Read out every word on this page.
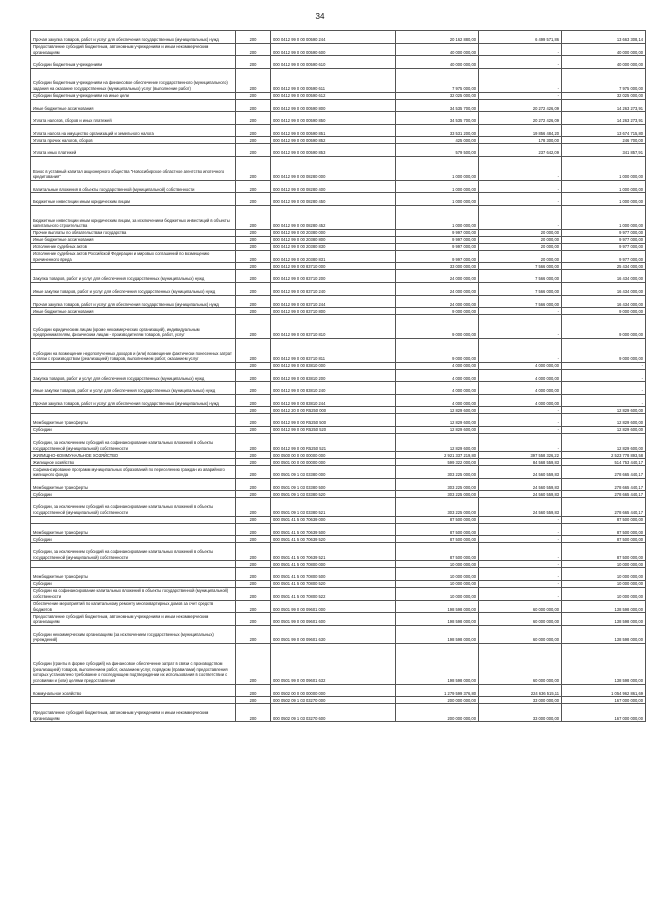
34
Прочая закупка товаров, работ и услуг для обеспечения государственных (муниципальных) нужд	200	000 0412 99 0 00 00590 244	20 162 880,00	6 499 571,86	13 663 308,14
Предоставление субсидий бюджетным, автономным учреждениям и иным некоммерческим организациям	200	000 0412 99 0 00 00590 600	40 000 000,00	-	40 000 000,00
Субсидии бюджетным учреждениям	200	000 0412 99 0 00 00590 610	40 000 000,00	-	40 000 000,00
Субсидии бюджетным учреждениям на финансовое обеспечение государственного (муниципального) задания на оказание государственных (муниципальных) услуг (выполнение работ)	200	000 0412 99 0 00 00590 611	7 975 000,00	-	7 975 000,00
Субсидии бюджетным учреждениям на иные цели	200	000 0412 99 0 00 00590 612	32 025 000,00	-	32 025 000,00
Иные бюджетные ассигнования	200	000 0412 99 0 00 00590 800	34 535 700,00	20 272 426,09	14 263 273,91
Уплата налогов, сборов и иных платежей	200	000 0412 99 0 00 00590 850	34 535 700,00	20 272 426,09	14 263 273,91
Уплата налога на имущество организаций и земельного налога	200	000 0412 99 0 00 00590 851	33 531 200,00	19 856 484,20	13 674 715,80
Уплата прочих налогов, сборов	200	000 0412 99 0 00 00590 852	425 000,00	178 300,00	246 700,00
Уплата иных платежей	200	000 0412 99 0 00 00590 853	579 500,00	237 642,09	341 857,91
Взнос в уставный капитал акционерного общества "Новосибирское областное агентство ипотечного кредитования"	200	000 0412 99 0 00 08280 000	1 000 000,00	-	1 000 000,00
Капитальные вложения в объекты государственной (муниципальной) собственности	200	000 0412 99 0 00 08280 400	1 000 000,00	-	1 000 000,00
Бюджетные инвестиции иным юридическим лицам	200	000 0412 99 0 00 08280 450	1 000 000,00	-	1 000 000,00
Бюджетные инвестиции иным юридическим лицам, за исключением бюджетных инвестиций в объекты капитального строительства	200	000 0412 99 0 00 08280 452	1 000 000,00	-	1 000 000,00
Прочие выплаты по обязательствам государства	200	000 0412 99 0 00 20380 000	9 997 000,00	20 000,00	9 977 000,00
Иные бюджетные ассигнования	200	000 0412 99 0 00 20380 800	9 997 000,00	20 000,00	9 977 000,00
Исполнение судебных актов	200	000 0412 99 0 00 20380 830	9 997 000,00	20 000,00	9 977 000,00
Исполнение судебных актов Российской Федерации и мировых соглашений по возмещению причиненного вреда	200	000 0412 99 0 00 20380 831	9 997 000,00	20 000,00	9 977 000,00
	200	000 0412 99 0 00 83710 000	33 000 000,00	7 566 000,00	25 434 000,00
Закупка товаров, работ и услуг для обеспечения государственных (муниципальных) нужд	200	000 0412 99 0 00 83710 200	24 000 000,00	7 566 000,00	16 434 000,00
Иные закупки товаров, работ и услуг для обеспечения государственных (муниципальных) нужд	200	000 0412 99 0 00 83710 240	24 000 000,00	7 566 000,00	16 434 000,00
Прочая закупка товаров, работ и услуг для обеспечения государственных (муниципальных) нужд	200	000 0412 99 0 00 83710 244	24 000 000,00	7 566 000,00	16 434 000,00
Иные бюджетные ассигнования	200	000 0412 99 0 00 83710 800	9 000 000,00	-	9 000 000,00
Субсидии юридическим лицам (кроме некоммерческих организаций), индивидуальным предпринимателям, физическим лицам - производителям товаров, работ, услуг	200	000 0412 99 0 00 83710 810	9 000 000,00	-	9 000 000,00
Субсидии на возмещение недополученных доходов и (или) возмещение фактически понесенных затрат в связи с производством (реализацией) товаров, выполнением работ, оказанием услуг	200	000 0412 99 0 00 83710 811	9 000 000,00	-	9 000 000,00
	200	000 0412 99 0 00 83810 000	4 000 000,00	4 000 000,00	-
Закупка товаров, работ и услуг для обеспечения государственных (муниципальных) нужд	200	000 0412 99 0 00 83810 200	4 000 000,00	4 000 000,00	-
Иные закупки товаров, работ и услуг для обеспечения государственных (муниципальных) нужд	200	000 0412 99 0 00 83810 240	4 000 000,00	4 000 000,00	-
Прочая закупка товаров, работ и услуг для обеспечения государственных (муниципальных) нужд	200	000 0412 99 0 00 83810 244	4 000 000,00	4 000 000,00	-
	200	000 0412 20 0 00 R5250 000	12 829 600,00	-	12 829 600,00
Межбюджетные трансферты	200	000 0412 99 0 00 R5250 500	12 829 600,00	-	12 829 600,00
Субсидии	200	000 0412 99 0 00 R5250 520	12 829 600,00	-	12 829 600,00
Субсидии, за исключением субсидий на софинансирование капитальных вложений в объекты государственной (муниципальной) собственности	200	000 0412 99 0 00 R5250 521	12 829 600,00	-	12 829 600,00
ЖИЛИЩНО-КОММУНАЛЬНОЕ ХОЗЯЙСТВО	200	000 0500 00 0 00 00000 000	2 921 337 219,80	397 558 326,22	2 523 778 893,58
Жилищное хозяйство	200	000 0501 00 0 00 00000 000	599 322 000,00	84 568 559,83	514 753 440,17
Софинансирование программ муниципальных образований по переселению граждан из аварийного жилищного фонда	200	000 0501 09 1 03 03380 000	303 225 000,00	24 560 559,83	278 665 440,17
Межбюджетные трансферты	200	000 0501 09 1 03 03380 500	303 225 000,00	24 560 559,83	278 665 440,17
Субсидии	200	000 0501 09 1 03 03380 520	303 225 000,00	24 560 559,83	278 665 440,17
Субсидии, за исключением субсидий на софинансирование капитальных вложений в объекты государственной (муниципальной) собственности	200	000 0501 09 1 03 03380 521	303 225 000,00	24 560 559,83	278 665 440,17
	200	000 0501 41 5 00 70639 000	87 500 000,00	-	87 500 000,00
Межбюджетные трансферты	200	000 0501 41 5 00 70639 500	87 500 000,00	-	87 500 000,00
Субсидии	200	000 0501 41 5 00 70639 520	87 500 000,00	-	87 500 000,00
Субсидии, за исключением субсидий на софинансирование капитальных вложений в объекты государственной (муниципальной) собственности	200	000 0501 41 5 00 70639 521	87 500 000,00	-	87 500 000,00
	200	000 0501 41 5 00 70800 000	10 000 000,00	-	10 000 000,00
Межбюджетные трансферты	200	000 0501 41 5 00 70800 500	10 000 000,00	-	10 000 000,00
Субсидии	200	000 0501 41 5 00 70800 520	10 000 000,00	-	10 000 000,00
Субсидии на софинансирование капитальных вложений в объекты государственной (муниципальной) собственности	200	000 0501 41 5 00 70800 522	10 000 000,00	-	10 000 000,00
Обеспечение мероприятий по капитальному ремонту многоквартирных домов за счет средств бюджетов	200	000 0501 99 0 00 09601 000	198 598 000,00	60 000 000,00	138 598 000,00
Предоставление субсидий бюджетным, автономным учреждениям и иным некоммерческим организациям	200	000 0501 99 0 00 09601 600	198 598 000,00	60 000 000,00	138 598 000,00
Субсидии некоммерческим организациям (за исключением государственных (муниципальных) учреждений)	200	000 0501 99 0 00 09601 630	198 598 000,00	60 000 000,00	138 598 000,00
Субсидии (гранты в форме субсидий) на финансовое обеспечение затрат в связи с производством (реализацией) товаров, выполнением работ, оказанием услуг, порядком (правилами) предоставления которых установлено требование о последующем подтверждении их использования в соответствии с условиями и (или) целями предоставления	200	000 0501 99 0 00 09601 632	198 598 000,00	60 000 000,00	138 598 000,00
Коммунальное хозяйство	200	000 0502 00 0 00 00000 000	1 279 599 376,80	224 636 515,11	1 054 962 861,69
	200	000 0502 09 1 03 03270 000	200 000 000,00	33 000 000,00	167 000 000,00
Предоставление субсидий бюджетным, автономным учреждениям и иным некоммерческим организациям	200	000 0502 09 1 03 03270 600	200 000 000,00	33 000 000,00	167 000 000,00
